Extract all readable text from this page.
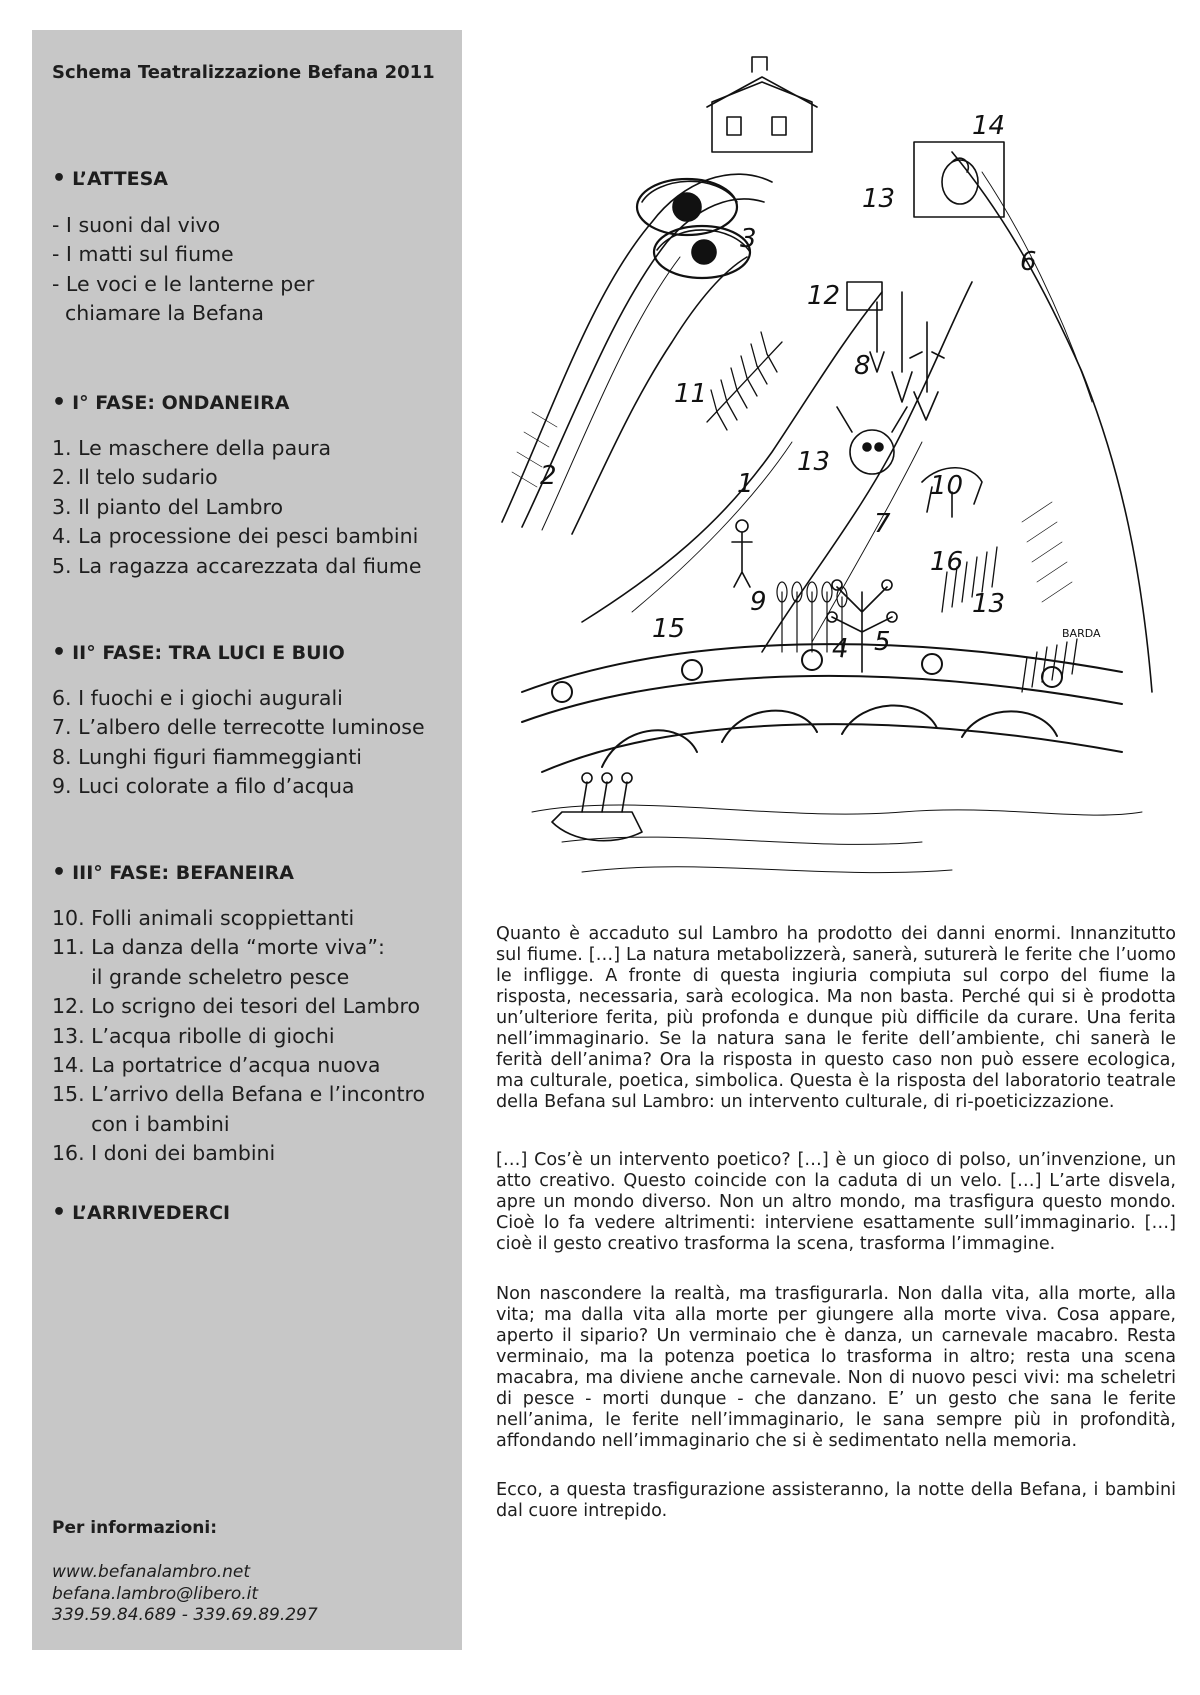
Schema Teatralizzazione Befana 2011
• L’ATTESA
- I suoni dal vivo
- I matti sul fiume
- Le voci e le lanterne per
chiamare la Befana
• I° FASE: ONDANEIRA
1. Le maschere della paura
2. Il telo sudario
3. Il pianto del Lambro
4. La processione dei pesci bambini
5. La ragazza accarezzata dal fiume
• II° FASE: TRA LUCI E BUIO
6. I fuochi e i giochi augurali
7. L’albero delle terrecotte luminose
8. Lunghi figuri fiammeggianti
9. Luci colorate a filo d’acqua
• III° FASE: BEFANEIRA
10. Folli animali scoppiettanti
11. La danza della “morte viva”:
il grande scheletro pesce
12. Lo scrigno dei tesori del Lambro
13. L’acqua ribolle di giochi
14. La portatrice d’acqua nuova
15. L’arrivo della Befana e l’incontro
con i bambini
16. I doni dei bambini
• L’ARRIVEDERCI
Per informazioni:
www.befanalambro.net
befana.lambro@libero.it
339.59.84.689 - 339.69.89.297
14
13
3
6
12
8
11
13
1	10
2
7
16
13
9
15
4 5	BARDA

Quanto è accaduto sul Lambro ha prodotto dei danni enormi. Innanzitutto sul fiume. […] La natura metabolizzerà, sanerà, suturerà le ferite che l’uomo le infligge. A fronte di questa ingiuria compiuta sul corpo del fiume la risposta, necessaria, sarà ecologica. Ma non basta. Perché qui si è prodotta un’ulteriore ferita, più profonda e dunque più difficile da curare. Una ferita nell’immaginario. Se la natura sana le ferite dell’ambiente, chi sanerà le ferità dell’anima? Ora la risposta in questo caso non può essere ecologica, ma culturale, poetica, simbolica. Questa è la risposta del laboratorio teatrale della Befana sul Lambro: un intervento culturale, di ri-poeticizzazione.

[…] Cos’è un intervento poetico? […] è un gioco di polso, un’invenzione, un atto creativo. Questo coincide con la caduta di un velo. […] L’arte disvela, apre un mondo diverso. Non un altro mondo, ma trasfigura questo mondo. Cioè lo fa vedere altrimenti: interviene esattamente sull’immaginario. […] cioè il gesto creativo trasforma la scena, trasforma l’immagine.

Non nascondere la realtà, ma trasfigurarla. Non dalla vita, alla morte, alla vita; ma dalla vita alla morte per giungere alla morte viva. Cosa appare, aperto il sipario? Un verminaio che è danza, un carnevale macabro. Resta verminaio, ma la potenza poetica lo trasforma in altro; resta una scena macabra, ma diviene anche carnevale. Non di nuovo pesci vivi: ma scheletri di pesce - morti dunque - che danzano. E’ un gesto che sana le ferite nell’anima, le ferite nell’immaginario, le sana sempre più in profondità, affondando nell’immaginario che si è sedimentato nella memoria.

Ecco, a questa trasfigurazione assisteranno, la notte della Befana, i bambini dal cuore intrepido.
